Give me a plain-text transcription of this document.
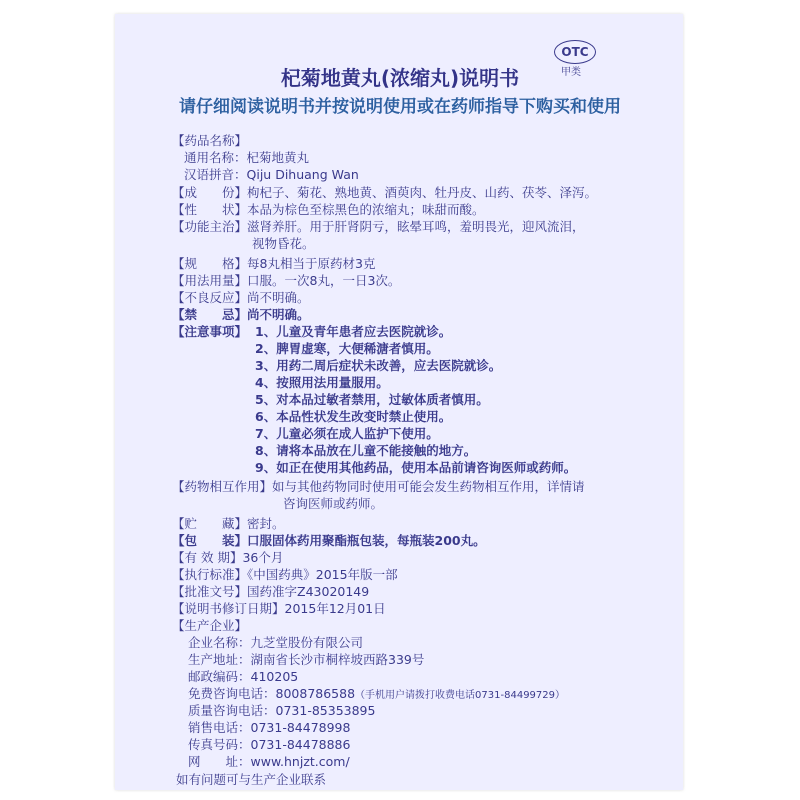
OTC
甲类
杞菊地黄丸(浓缩丸)说明书
请仔细阅读说明书并按说明使用或在药师指导下购买和使用
【药品名称】
通用名称：杞菊地黄丸
汉语拼音：Qiju Dihuang Wan
【成　　份】枸杞子、菊花、熟地黄、酒萸肉、牡丹皮、山药、茯苓、泽泻。
【性　　状】本品为棕色至棕黑色的浓缩丸；味甜而酸。
【功能主治】滋肾养肝。用于肝肾阴亏，眩晕耳鸣，羞明畏光，迎风流泪，
视物昏花。
【规　　格】每8丸相当于原药材3克
【用法用量】口服。一次8丸，一日3次。
【不良反应】尚不明确。
【禁　　忌】尚不明确。
【注意事项】 1、儿童及青年患者应去医院就诊。
2、脾胃虚寒，大便稀溏者慎用。
3、用药二周后症状未改善，应去医院就诊。
4、按照用法用量服用。
5、对本品过敏者禁用，过敏体质者慎用。
6、本品性状发生改变时禁止使用。
7、儿童必须在成人监护下使用。
8、请将本品放在儿童不能接触的地方。
9、如正在使用其他药品，使用本品前请咨询医师或药师。
【药物相互作用】如与其他药物同时使用可能会发生药物相互作用，详情请
咨询医师或药师。
【贮　　藏】密封。
【包　　装】口服固体药用聚酯瓶包装，每瓶装200丸。
【有 效 期】36个月
【执行标准】《中国药典》2015年版一部
【批准文号】国药准字Z43020149
【说明书修订日期】2015年12月01日
【生产企业】
企业名称：九芝堂股份有限公司
生产地址：湖南省长沙市桐梓坡西路339号
邮政编码：410205
免费咨询电话：8008786588（手机用户请拨打收费电话0731-84499729）
质量咨询电话：0731-85353895
销售电话：0731-84478998
传真号码：0731-84478886
网　　址：www.hnjzt.com/
如有问题可与生产企业联系
